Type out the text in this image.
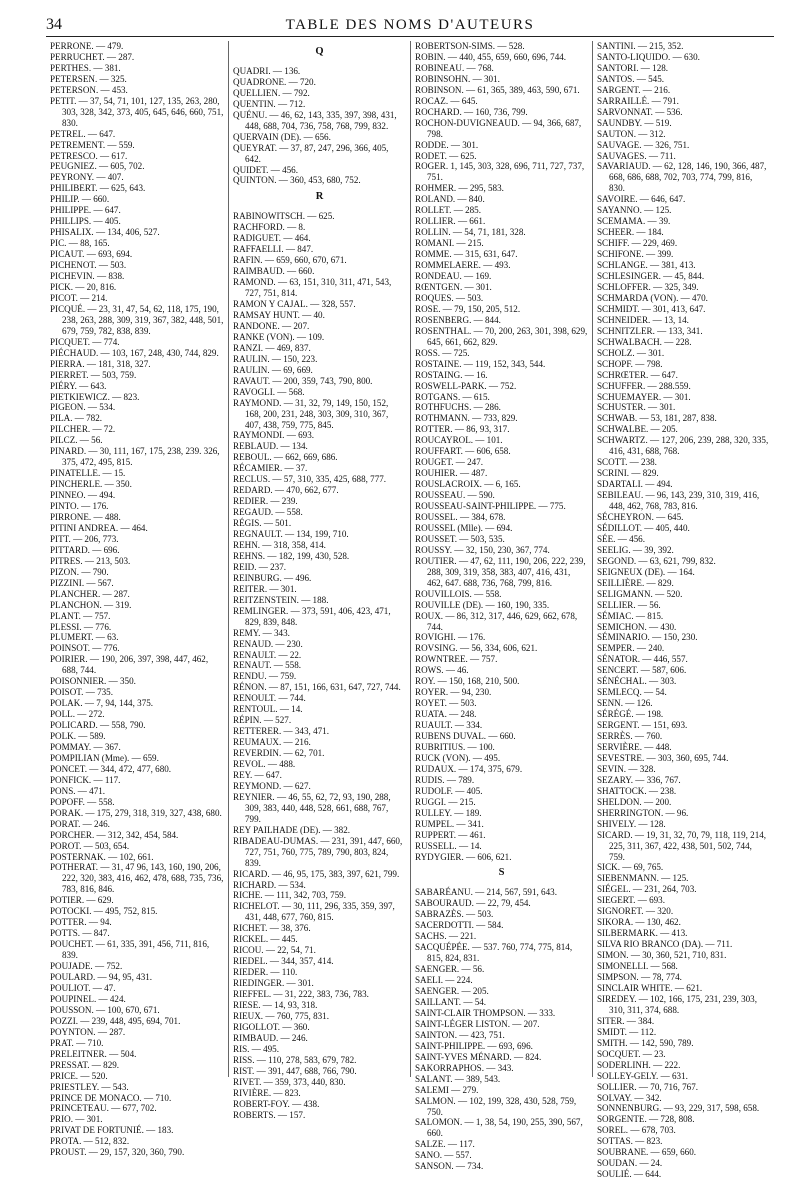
34	TABLE DES NOMS D'AUTEURS
PERRONE. — 479.
PERRUCHET. — 287.
PERTHES. — 381.
PETERSEN. — 325.
PETERSON. — 453.
PETIT. — 37, 54, 71, 101, 127, 135, 263, 280, 303, 328, 342, 373, 405, 645, 646, 660, 751, 830.
PETREL. — 647.
PETREMENT. — 559.
PETRESCO. — 617.
PEUGNIEZ. — 605, 702.
PEYRONY. — 407.
PHILIBERT. — 625, 643.
PHILIP. — 660.
PHILIPPE. — 647.
PHILLIPS. — 405.
PHISALIX. — 134, 406, 527.
PIC. — 88, 165.
PICAUT. — 693, 694.
PICHENOT. — 503.
PICHEVIN. — 838.
PICK. — 20, 816.
PICOT. — 214.
PICQUÉ. — 23, 31, 47, 54, 62, 118, 175, 190, 238, 263, 288, 309, 319, 367, 382, 448, 501, 679, 759, 782, 838, 839.
PICQUET. — 774.
PIÉCHAUD. — 103, 167, 248, 430, 744, 829.
PIERRA. — 181, 318, 327.
PIERRET. — 503, 759.
PIÉRY. — 643.
PIETKIEWICZ. — 823.
PIGEON. — 534.
PILA. — 782.
PILCHER. — 72.
PILCZ. — 56.
PINARD. — 30, 111, 167, 175, 238, 239. 326, 375, 472, 495, 815.
PINATELLE. — 15.
PINCHERLE. — 350.
PINNEO. — 494.
PINTO. — 176.
PIRRONE. — 488.
PITINI ANDREA. — 464.
PITT. — 206, 773.
PITTARD. — 696.
PITRES. — 213, 503.
PIZON. — 790.
PIZZINI. — 567.
PLANCHER. — 287.
PLANCHON. — 319.
PLANT. — 757.
PLESSI. — 776.
PLUMERT. — 63.
POINSOT. — 776.
POIRIER. — 190, 206, 397, 398, 447, 462, 688, 744.
POISONNIER. — 350.
POISOT. — 735.
POLAK. — 7, 94, 144, 375.
POLL. — 272.
POLICARD. — 558, 790.
POLK. — 589.
POMMAY. — 367.
POMPILIAN (Mme). — 659.
PONCET. — 344, 472, 477, 680.
PONFICK. — 117.
PONS. — 471.
POPOFF. — 558.
PORAK. — 175, 279, 318, 319, 327, 438, 680.
PORAT. — 246.
PORCHER. — 312, 342, 454, 584.
POROT. — 503, 654.
POSTERNAK. — 102, 661.
POTHERAT. — 31, 47 96, 143, 160, 190, 206, 222, 320, 383, 416, 462, 478, 688, 735, 736, 783, 816, 846.
POTIER. — 629.
POTOCKI. — 495, 752, 815.
POTTER. — 94.
POTTS. — 847.
POUCHET. — 61, 335, 391, 456, 711, 816, 839.
POUJADE. — 752.
POULARD. — 94, 95, 431.
POULIOT. — 47.
POUPINEL. — 424.
POUSSON. — 100, 670, 671.
POZZI. — 239, 448, 495, 694, 701.
POYNTON. — 287.
PRAT. — 710.
PRELEITNER. — 504.
PRESSAT. — 829.
PRICE. — 520.
PRIESTLEY. — 543.
PRINCE DE MONACO. — 710.
PRINCETEAU. — 677, 702.
PRIO. — 301.
PRIVAT DE FORTUNIÉ. — 183.
PROTA. — 512, 832.
PROUST. — 29, 157, 320, 360, 790.
Q
QUADRI. — 136.
QUADRONE. — 720.
QUELLIEN. — 792.
QUENTIN. — 712.
QUÉNU. — 46, 62, 143, 335, 397, 398, 431, 448, 688, 704, 736, 758, 768, 799, 832.
QUERVAIN (DE). — 656.
QUEYRAT. — 37, 87, 247, 296, 366, 405, 642.
QUIDET. — 456.
QUINTON. — 360, 453, 680, 752.
R
RABINOWITSCH. — 625.
RACHFORD. — 8.
RADIGUET. — 464.
RAFFAELLI. — 847.
RAFIN. — 659, 660, 670, 671.
RAIMBAUD. — 660.
RAMOND. — 63, 151, 310, 311, 471, 543, 727, 751, 814.
RAMON Y CAJAL. — 328, 557.
RAMSAY HUNT. — 40.
RANDONE. — 207.
RANKE (VON). — 109.
RANZI. — 469, 837.
RAULIN. — 150, 223.
RAULIN. — 69, 669.
RAVAUT. — 200, 359, 743, 790, 800.
RAVOGLI. — 568.
RAYMOND. — 31, 32, 79, 149, 150, 152, 168, 200, 231, 248, 303, 309, 310, 367, 407, 438, 759, 775, 845.
RAYMONDI. — 693.
REBLAUD. — 134.
REBOUL. — 662, 669, 686.
RÉCAMIER. — 37.
RECLUS. — 57, 310, 335, 425, 688, 777.
REDARD. — 470, 662, 677.
REDIER. — 239.
REGAUD. — 558.
RÉGIS. — 501.
REGNAULT. — 134, 199, 710.
REHN. — 318, 358, 414.
REHNS. — 182, 199, 430, 528.
REID. — 237.
REINBURG. — 496.
REITER. — 301.
REITZENSTEIN. — 188.
REMLINGER. — 373, 591, 406, 423, 471, 829, 839, 848.
REMY. — 343.
RENAUD. — 230.
RENAULT. — 22.
RENAUT. — 558.
RENDU. — 759.
RÉNON. — 87, 151, 166, 631, 647, 727, 744.
RENOULT. — 744.
RENTOUL. — 14.
RÉPIN. — 527.
RETTERER. — 343, 471.
REUMAUX. — 216.
REVERDIN. — 62, 701.
REVOL. — 488.
REY. — 647.
REYMOND. — 627.
REYNIER. — 46, 55, 62, 72, 93, 190, 288, 309, 383, 440, 448, 528, 661, 688, 767, 799.
REY PAILHADE (DE). — 382.
RIBADEAU-DUMAS. — 231, 391, 447, 660, 727, 751, 760, 775, 789, 790, 803, 824, 839.
RICARD. — 46, 95, 175, 383, 397, 621, 799.
RICHARD. — 534.
RICHE. — 111, 342, 703, 759.
RICHELOT. — 30, 111, 296, 335, 359, 397, 431, 448, 677, 760, 815.
RICHET. — 38, 376.
RICKEL. — 445.
RICOU. — 22, 54, 71.
RIEDEL. — 344, 357, 414.
RIEDER. — 110.
RIEDINGER. — 301.
RIEFFEL. — 31, 222, 383, 736, 783.
RIESE. — 14, 93, 318.
RIEUX. — 760, 775, 831.
RIGOLLOT. — 360.
RIMBAUD. — 246.
RIS. — 495.
RISS. — 110, 278, 583, 679, 782.
RIST. — 391, 447, 688, 766, 790.
RIVET. — 359, 373, 440, 830.
RIVIÈRE. — 823.
ROBERT-FOY. — 438.
ROBERTS. — 157.
ROBERTSON-SIMS. — 528.
ROBIN. — 440, 455, 659, 660, 696, 744.
ROBINEAU. — 768.
ROBINSOHN. — 301.
ROBINSON. — 61, 365, 389, 463, 590, 671.
ROCAZ. — 645.
ROCHARD. — 160, 736, 799.
ROCHON-DUVIGNEAUD. — 94, 366, 687, 798.
RODDE. — 301.
RODET. — 625.
ROGER. 1, 145, 303, 328, 696, 711, 727, 737, 751.
ROHMER. — 295, 583.
ROLAND. — 840.
ROLLET. — 285.
ROLLIER. — 661.
ROLLIN. — 54, 71, 181, 328.
ROMANI. — 215.
ROMME. — 315, 631, 647.
ROMMELAERE. — 493.
RONDEAU. — 169.
RŒNTGEN. — 301.
ROQUES. — 503.
ROSE. — 79, 150, 205, 512.
ROSENBERG. — 844.
ROSENTHAL. — 70, 200, 263, 301, 398, 629, 645, 661, 662, 829.
ROSS. — 725.
ROSTAINE. — 119, 152, 343, 544.
ROSTAING. — 16.
ROSWELL-PARK. — 752.
ROTGANS. — 615.
ROTHFUCHS. — 286.
ROTHMANN. — 733, 829.
ROTTER. — 86, 93, 317.
ROUCAYROL. — 101.
ROUFFART. — 606, 658.
ROUGET. — 247.
ROUHIER. — 487.
ROUSLACROIX. — 6, 165.
ROUSSEAU. — 590.
ROUSSEAU-SAINT-PHILIPPE. — 775.
ROUSSEL. — 384, 678.
ROUSSEL (Mlle). — 694.
ROUSSET. — 503, 535.
ROUSSY. — 32, 150, 230, 367, 774.
ROUTIER. — 47, 62, 111, 190, 206, 222, 239, 288, 309, 319, 358, 383, 407, 416, 431, 462, 647. 688, 736, 768, 799, 816.
ROUVILLOIS. — 558.
ROUVILLE (DE). — 160, 190, 335.
ROUX. — 86, 312, 317, 446, 629, 662, 678, 744.
ROVIGHI. — 176.
ROVSING. — 56, 334, 606, 621.
ROWNTREE. — 757.
ROWS. — 46.
ROY. — 150, 168, 210, 500.
ROYER. — 94, 230.
ROYET. — 503.
RUATA. — 248.
RUAULT. — 334.
RUBENS DUVAL. — 660.
RUBRITIUS. — 100.
RUCK (VON). — 495.
RUDAUX. — 174, 375, 679.
RUDIS. — 789.
RUDOLF. — 405.
RUGGI. — 215.
RULLEY. — 189.
RUMPEL. — 341.
RUPPERT. — 461.
RUSSELL. — 14.
RYDYGIER. — 606, 621.
S
SABARÉANU. — 214, 567, 591, 643.
SABOURAUD. — 22, 79, 454.
SABRAZÈS. — 503.
SACERDOTTI. — 584.
SACHS. — 221.
SACQUÉPÉE. — 537. 760, 774, 775, 814, 815, 824, 831.
SAENGER. — 56.
SAELI. — 224.
SAENGER. — 205.
SAILLANT. — 54.
SAINT-CLAIR THOMPSON. — 333.
SAINT-LÉGER LISTON. — 207.
SAINTON. — 423, 751.
SAINT-PHILIPPE. — 693, 696.
SAINT-YVES MÉNARD. — 824.
SAKORRAPHOS. — 343.
SALANT. — 389, 543.
SALEMI — 279.
SALMON. — 102, 199, 328, 430, 528, 759, 750.
SALOMON. — 1, 38, 54, 190, 255, 390, 567, 660.
SALZE. — 117.
SANO. — 557.
SANSON. — 734.
SANTINI. — 215, 352.
SANTO-LIQUIDO. — 630.
SANTORI. — 128.
SANTOS. — 545.
SARGENT. — 216.
SARRAILLÉ. — 791.
SARVONNAT. — 536.
SAUNDBY. — 519.
SAUTON. — 312.
SAUVAGE. — 326, 751.
SAUVAGES. — 711.
SAVARIAUD. — 62, 128, 146, 190, 366, 487, 668, 686, 688, 702, 703, 774, 799, 816, 830.
SAVOIRE. — 646, 647.
SAYANNO. — 125.
SCEMAMA. — 39.
SCHEER. — 184.
SCHIFF. — 229, 469.
SCHIFONE. — 399.
SCHLANGE. — 381, 413.
SCHLESINGER. — 45, 844.
SCHLOFFER. — 325, 349.
SCHMARDA (VON). — 470.
SCHMIDT. — 301, 413, 647.
SCHNEIDER. — 13, 14.
SCHNITZLER. — 133, 341.
SCHWALBACH. — 228.
SCHOLZ. — 301.
SCHOPF. — 798.
SCHRŒTER. — 647.
SCHUFFER. — 288.559.
SCHUEMAYER. — 301.
SCHUSTER. — 301.
SCHWAB. — 53, 181, 287, 838.
SCHWALBE. — 205.
SCHWARTZ. — 127, 206, 239, 288, 320, 335, 416, 431, 688, 768.
SCOTT. — 238.
SCRINI. — 829.
SDARTALI. — 494.
SEBILEAU. — 96, 143, 239, 310, 319, 416, 448, 462, 768, 783, 816.
SÉCHEYRON. — 645.
SÉDILLOT. — 405, 440.
SÉE. — 456.
SEELIG. — 39, 392.
SEGOND. — 63, 621, 799, 832.
SEIGNEUX (DE). — 164.
SEILLIÈRE. — 829.
SELIGMANN. — 520.
SELLIER. — 56.
SÉMIAC. — 815.
SEMICHON. — 430.
SÉMINARIO. — 150, 230.
SEMPER. — 240.
SÉNATOR. — 446, 557.
SENCERT. — 587, 606.
SÉNÉCHAL. — 303.
SEMLECQ. — 54.
SENN. — 126.
SÉRÉGÉ. — 198.
SERGENT. — 151, 693.
SERRÈS. — 760.
SERVIÈRE. — 448.
SEVESTRE. — 303, 360, 695, 744.
SEVIN. — 328.
SEZARY. — 336, 767.
SHATTOCK. — 238.
SHELDON. — 200.
SHERRINGTON. — 96.
SHIVELY. — 128.
SICARD. — 19, 31, 32, 70, 79, 118, 119, 214, 225, 311, 367, 422, 438, 501, 502, 744, 759.
SICK. — 69, 765.
SIEBENMANN. — 125.
SIÉGEL. — 231, 264, 703.
SIEGERT. — 693.
SIGNORET. — 320.
SIKORA. — 130, 462.
SILBERMARK. — 413.
SILVA RIO BRANCO (DA). — 711.
SIMON. — 30, 360, 521, 710, 831.
SIMONELLI. — 568.
SIMPSON. — 78, 774.
SINCLAIR WHITE. — 621.
SIREDEY. — 102, 166, 175, 231, 239, 303, 310, 311, 374, 688.
SITER. — 384.
SMIDT. — 112.
SMITH. — 142, 590, 789.
SOCQUET. — 23.
SODERLINH. — 222.
SOLLEY-GELY. — 631.
SOLLIER. — 70, 716, 767.
SOLVAY. — 342.
SONNENBURG. — 93, 229, 317, 598, 658.
SORGENTE. — 728, 808.
SOREL. — 678, 703.
SOTTAS. — 823.
SOUBRANE. — 659, 660.
SOUDAN. — 24.
SOULIÉ. — 644.
